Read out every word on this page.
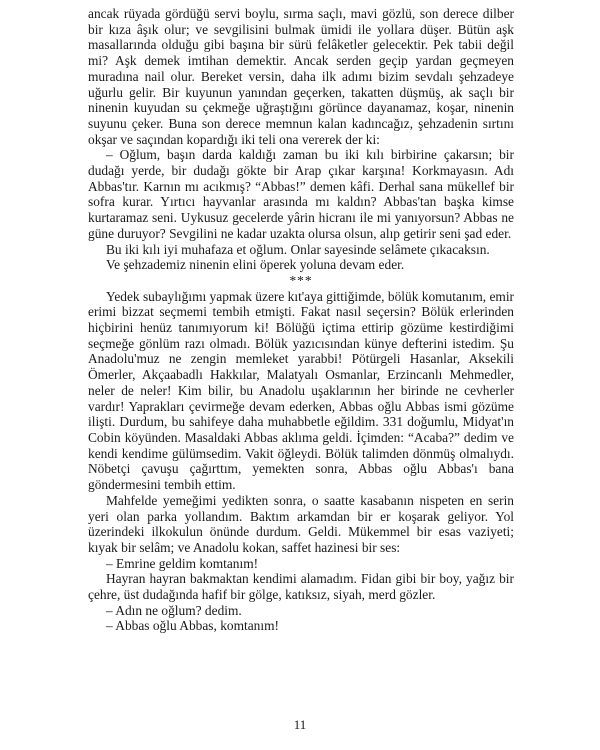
ancak rüyada gördüğü servi boylu, sırma saçlı, mavi gözlü, son derece dilber bir kıza âşık olur; ve sevgilisini bulmak ümidi ile yollara düşer. Bütün aşk masallarında olduğu gibi başına bir sürü felâketler gelecektir. Pek tabii değil mi? Aşk demek imtihan demektir. Ancak serden geçip yardan geçmeyen muradına nail olur. Bereket versin, daha ilk adımı bizim sevdalı şehzadeye uğurlu gelir. Bir kuyunun yanından geçerken, takatten düşmüş, ak saçlı bir ninenin kuyudan su çekmeğe uğraştığını görünce dayanamaz, koşar, ninenin suyunu çeker. Buna son derece memnun kalan kadıncağız, şehzadenin sırtını okşar ve saçından kopardığı iki teli ona vererek der ki:

– Oğlum, başın darda kaldığı zaman bu iki kılı birbirine çakarsın; bir dudağı yerde, bir dudağı gökte bir Arap çıkar karşına! Korkmayasın. Adı Abbas'tır. Karnın mı acıkmış? “Abbas!” demen kâfi. Derhal sana mükellef bir sofra kurar. Yırtıcı hayvanlar arasında mı kaldın? Abbas'tan başka kimse kurtaramaz seni. Uykusuz gecelerde yârin hicranı ile mi yanıyorsun? Abbas ne güne duruyor? Sevgilini ne kadar uzakta olursa olsun, alıp getirir seni şad eder.

Bu iki kılı iyi muhafaza et oğlum. Onlar sayesinde selâmete çıkacaksın.

Ve şehzademiz ninenin elini öperek yoluna devam eder.

***

Yedek subaylığımı yapmak üzere kıt'aya gittiğimde, bölük komutanım, emir erimi bizzat seçmemi tembih etmişti. Fakat nasıl seçersin? Bölük erlerinden hiçbirini henüz tanımıyorum ki! Bölüğü içtima ettirip gözüme kestirdiğimi seçmeğe gönlüm razı olmadı. Bölük yazıcısından künye defterini istedim. Şu Anadolu'muz ne zengin memleket yarabbi! Pötürgeli Hasanlar, Aksekili Ömerler, Akçaabadlı Hakkılar, Malatyalı Osmanlar, Erzincanlı Mehmedler, neler de neler! Kim bilir, bu Anadolu uşaklarının her birinde ne cevherler vardır! Yaprakları çevirmeğe devam ederken, Abbas oğlu Abbas ismi gözüme ilişti. Durdum, bu sahifeye daha muhabbetle eğildim. 331 doğumlu, Midyat'ın Cobin köyünden. Masaldaki Abbas aklıma geldi. İçimden: “Acaba?” dedim ve kendi kendime gülümsedim. Vakit öğleydi. Bölük talimden dönmüş olmalıydı. Nöbetçi çavuşu çağırttım, yemekten sonra, Abbas oğlu Abbas'ı bana göndermesini tembih ettim.

Mahfelde yemeğimi yedikten sonra, o saatte kasabanın nispeten en serin yeri olan parka yollandım. Baktım arkamdan bir er koşarak geliyor. Yol üzerindeki ilkokulun önünde durdum. Geldi. Mükemmel bir esas vaziyeti; kıyak bir selâm; ve Anadolu kokan, saffet hazinesi bir ses:

– Emrine geldim komtanım!

Hayran hayran bakmaktan kendimi alamadım. Fidan gibi bir boy, yağız bir çehre, üst dudağında hafif bir gölge, katıksız, siyah, merd gözler.

– Adın ne oğlum? dedim.

– Abbas oğlu Abbas, komtanım!

11
